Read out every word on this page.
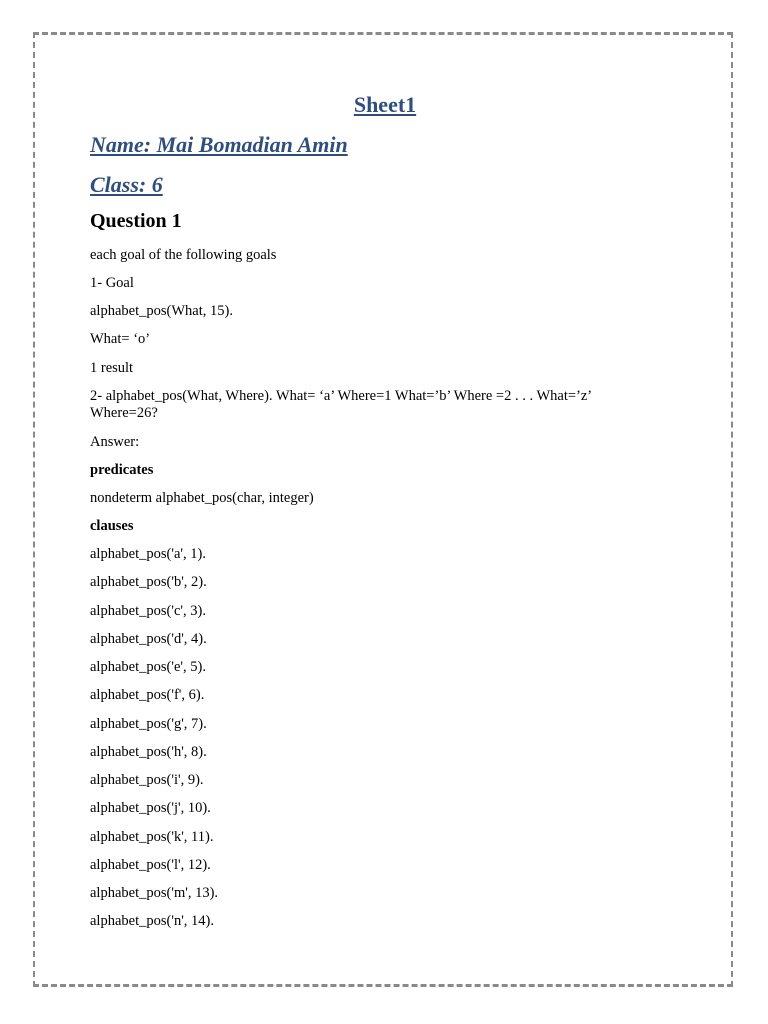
Sheet1
Name: Mai Bomadian Amin
Class: 6
Question 1

each goal of the following goals

1- Goal

alphabet_pos(What, 15).

What= ‘o’

1 result

2- alphabet_pos(What, Where). What= ‘a’ Where=1 What=’b’ Where =2 . . . What=’z’ Where=26?

Answer:

predicates

nondeterm alphabet_pos(char, integer)

clauses

alphabet_pos('a', 1).

alphabet_pos('b', 2).

alphabet_pos('c', 3).

alphabet_pos('d', 4).

alphabet_pos('e', 5).

alphabet_pos('f', 6).

alphabet_pos('g', 7).

alphabet_pos('h', 8).

alphabet_pos('i', 9).

alphabet_pos('j', 10).

alphabet_pos('k', 11).

alphabet_pos('l', 12).

alphabet_pos('m', 13).

alphabet_pos('n', 14).
